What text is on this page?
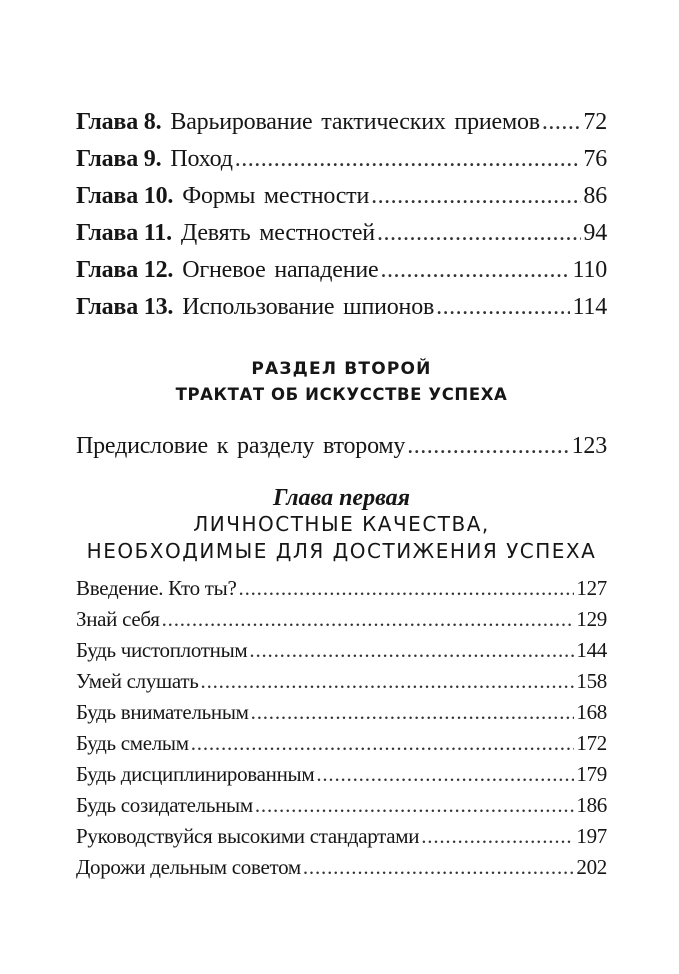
Глава 8. Варьирование тактических приемов ..... 72
Глава 9. Поход .....	76
Глава 10. Формы местности .....	86
Глава 11. Девять местностей .....	94
Глава 12. Огневое нападение .....	110
Глава 13. Использование шпионов .....	114
РАЗДЕЛ ВТОРОЙ
ТРАКТАТ ОБ ИСКУССТВЕ УСПЕХА
Предисловие к разделу второму .....	123
Глава первая
ЛИЧНОСТНЫЕ КАЧЕСТВА,
НЕОБХОДИМЫЕ ДЛЯ ДОСТИЖЕНИЯ УСПЕХА
Введение. Кто ты? .....	127
Знай себя .....	129
Будь чистоплотным .....	144
Умей слушать .....	158
Будь внимательным .....	168
Будь смелым .....	172
Будь дисциплинированным .....	179
Будь созидательным .....	186
Руководствуйся высокими стандартами .....	197
Дорожи дельным советом .....	202
